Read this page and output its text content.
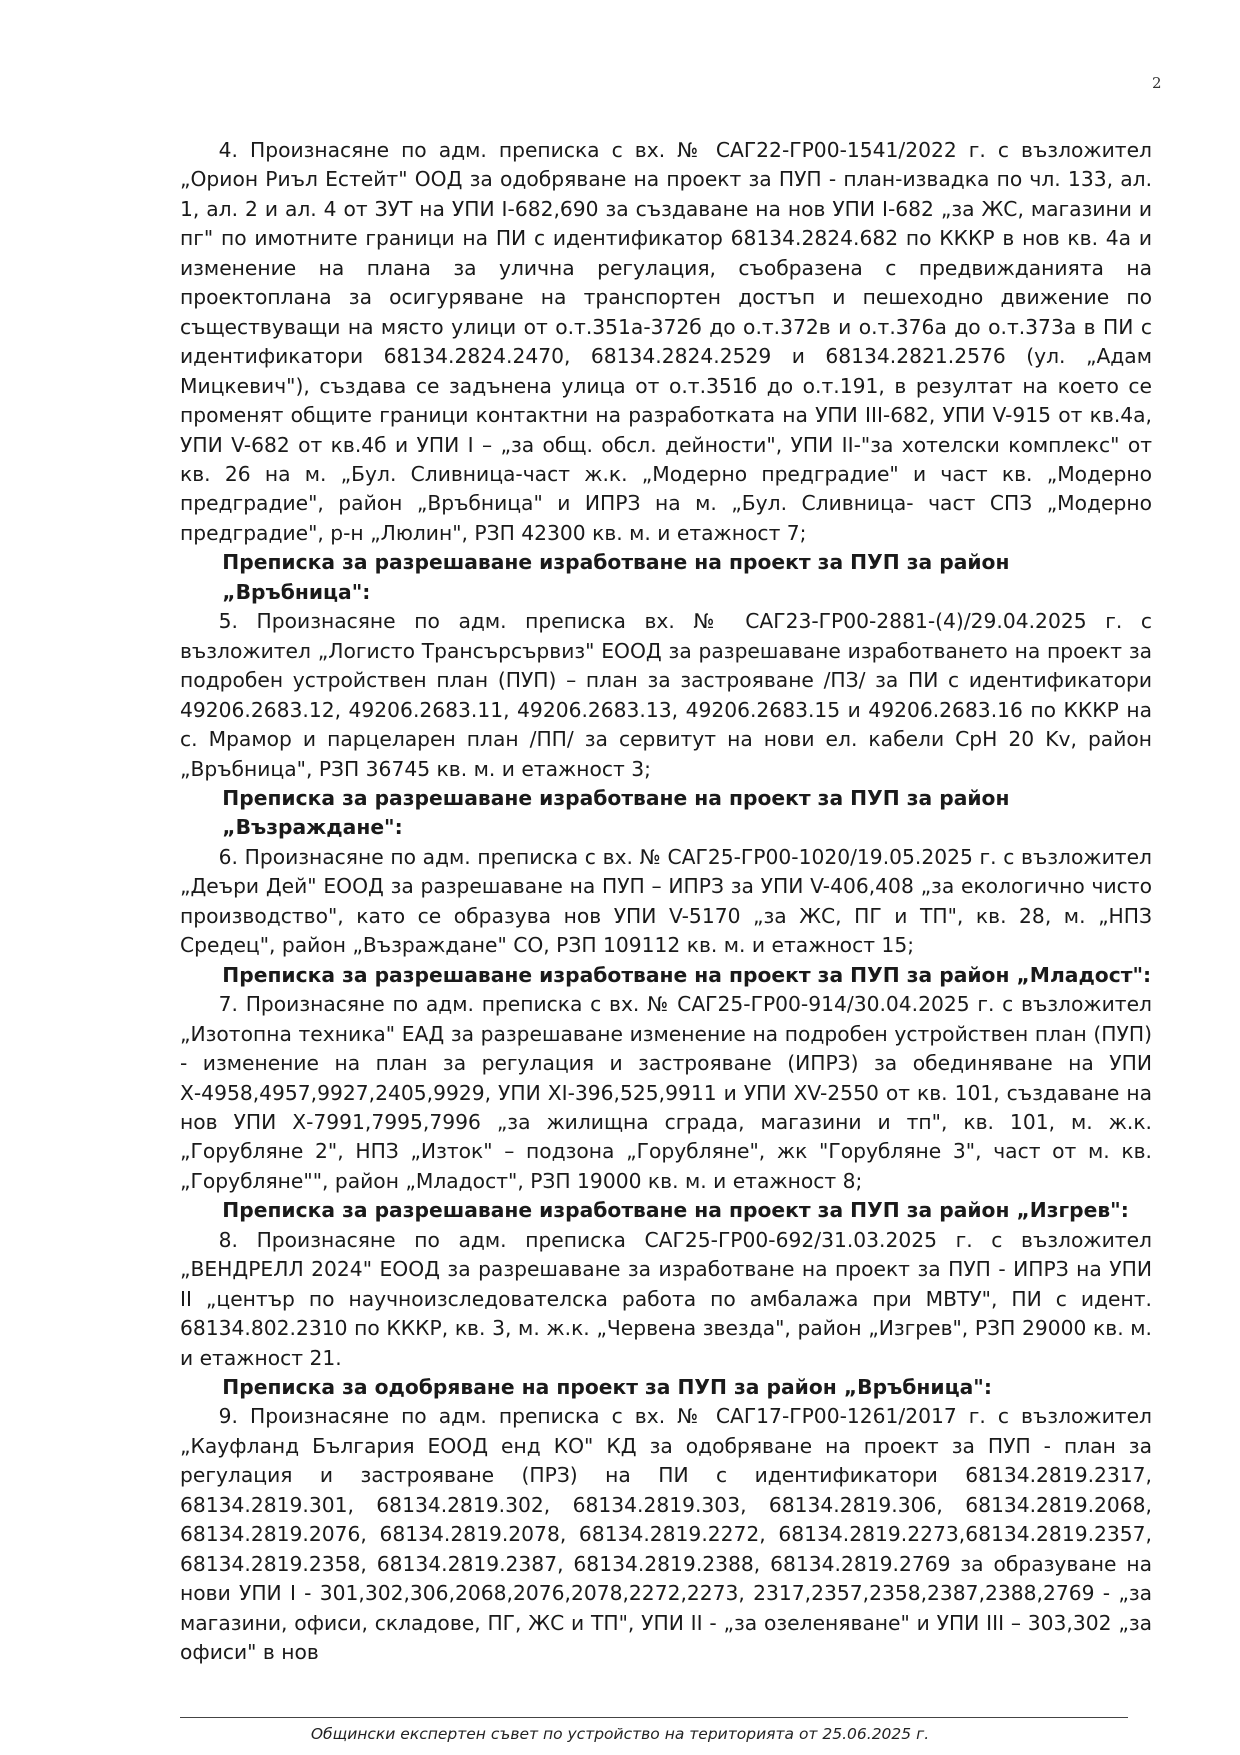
2

4. Произнасяне по адм. преписка с вх. № САГ22-ГР00-1541/2022 г. с възложител „Орион Риъл Естейт" ООД за одобряване на проект за ПУП - план-извадка по чл. 133, ал. 1, ал. 2 и ал. 4 от ЗУТ на УПИ I-682,690 за създаване на нов УПИ I-682 „за ЖС, магазини и пг" по имотните граници на ПИ с идентификатор 68134.2824.682 по КККР в нов кв. 4а и изменение на плана за улична регулация, съобразена с предвижданията на проектоплана за осигуряване на транспортен достъп и пешеходно движение по съществуващи на място улици от о.т.351а-372б до о.т.372в и о.т.376а до о.т.373а в ПИ с идентификатори 68134.2824.2470, 68134.2824.2529 и 68134.2821.2576 (ул. „Адам Мицкевич"), създава се задънена улица от о.т.351б до о.т.191, в резултат на което се променят общите граници контактни на разработката на УПИ III-682, УПИ V-915 от кв.4а, УПИ V-682 от кв.4б и УПИ I – „за общ. обсл. дейности", УПИ II-"за хотелски комплекс" от кв. 26 на м. „Бул. Сливница-част ж.к. „Модерно предградие" и част кв. „Модерно предградие", район „Връбница" и ИПРЗ на м. „Бул. Сливница- част СПЗ „Модерно предградие", р-н „Люлин", РЗП 42300 кв. м. и етажност 7;

Преписка за разрешаване изработване на проект за ПУП за район „Връбница":

5. Произнасяне по адм. преписка вх. № САГ23-ГР00-2881-(4)/29.04.2025 г. с възложител „Логисто Трансърсървиз" ЕООД за разрешаване изработването на проект за подробен устройствен план (ПУП) – план за застрояване /ПЗ/ за ПИ с идентификатори 49206.2683.12, 49206.2683.11, 49206.2683.13, 49206.2683.15 и 49206.2683.16 по КККР на с. Мрамор и парцеларен план /ПП/ за сервитут на нови ел. кабели СрН 20 Kv, район „Връбница", РЗП 36745 кв. м. и етажност 3;

Преписка за разрешаване изработване на проект за ПУП за район „Възраждане":

6. Произнасяне по адм. преписка с вх. № САГ25-ГР00-1020/19.05.2025 г. с възложител „Деъри Дей" ЕООД за разрешаване на ПУП – ИПРЗ за УПИ V-406,408 „за екологично чисто производство", като се образува нов УПИ V-5170 „за ЖС, ПГ и ТП", кв. 28, м. „НПЗ Средец", район „Възраждане" СО, РЗП 109112 кв. м. и етажност 15;

Преписка за разрешаване изработване на проект за ПУП за район „Младост":

7. Произнасяне по адм. преписка с вх. № САГ25-ГР00-914/30.04.2025 г. с възложител „Изотопна техника" ЕАД за разрешаване изменение на подробен устройствен план (ПУП) - изменение на план за регулация и застрояване (ИПРЗ) за обединяване на УПИ Х-4958,4957,9927,2405,9929, УПИ XI-396,525,9911 и УПИ XV-2550 от кв. 101, създаване на нов УПИ Х-7991,7995,7996 „за жилищна сграда, магазини и тп", кв. 101, м. ж.к. „Горубляне 2", НПЗ „Изток" – подзона „Горубляне", жк "Горубляне 3", част от м. кв. „Горубляне"", район „Младост", РЗП 19000 кв. м. и етажност 8;

Преписка за разрешаване изработване на проект за ПУП за район „Изгрев":

8. Произнасяне по адм. преписка САГ25-ГР00-692/31.03.2025 г. с възложител „ВЕНДРЕЛЛ 2024" ЕООД за разрешаване за изработване на проект за ПУП - ИПРЗ на УПИ II „център по научноизследователска работа по амбалажа при МВТУ", ПИ с идент. 68134.802.2310 по КККР, кв. 3, м. ж.к. „Червена звезда", район „Изгрев", РЗП 29000 кв. м. и етажност 21.

Преписка за одобряване на проект за ПУП за район „Връбница":

9. Произнасяне по адм. преписка с вх. № САГ17-ГР00-1261/2017 г. с възложител „Кауфланд България ЕООД енд КО" КД за одобряване на проект за ПУП - план за регулация и застрояване (ПРЗ) на ПИ с идентификатори 68134.2819.2317, 68134.2819.301, 68134.2819.302, 68134.2819.303, 68134.2819.306, 68134.2819.2068, 68134.2819.2076, 68134.2819.2078, 68134.2819.2272, 68134.2819.2273,68134.2819.2357, 68134.2819.2358, 68134.2819.2387, 68134.2819.2388, 68134.2819.2769 за образуване на нови УПИ I - 301,302,306,2068,2076,2078,2272,2273, 2317,2357,2358,2387,2388,2769 - „за магазини, офиси, складове, ПГ, ЖС и ТП", УПИ II - „за озеленяване" и УПИ III – 303,302 „за офиси" в нов

Общински експертен съвет по устройство на територията от 25.06.2025 г.
